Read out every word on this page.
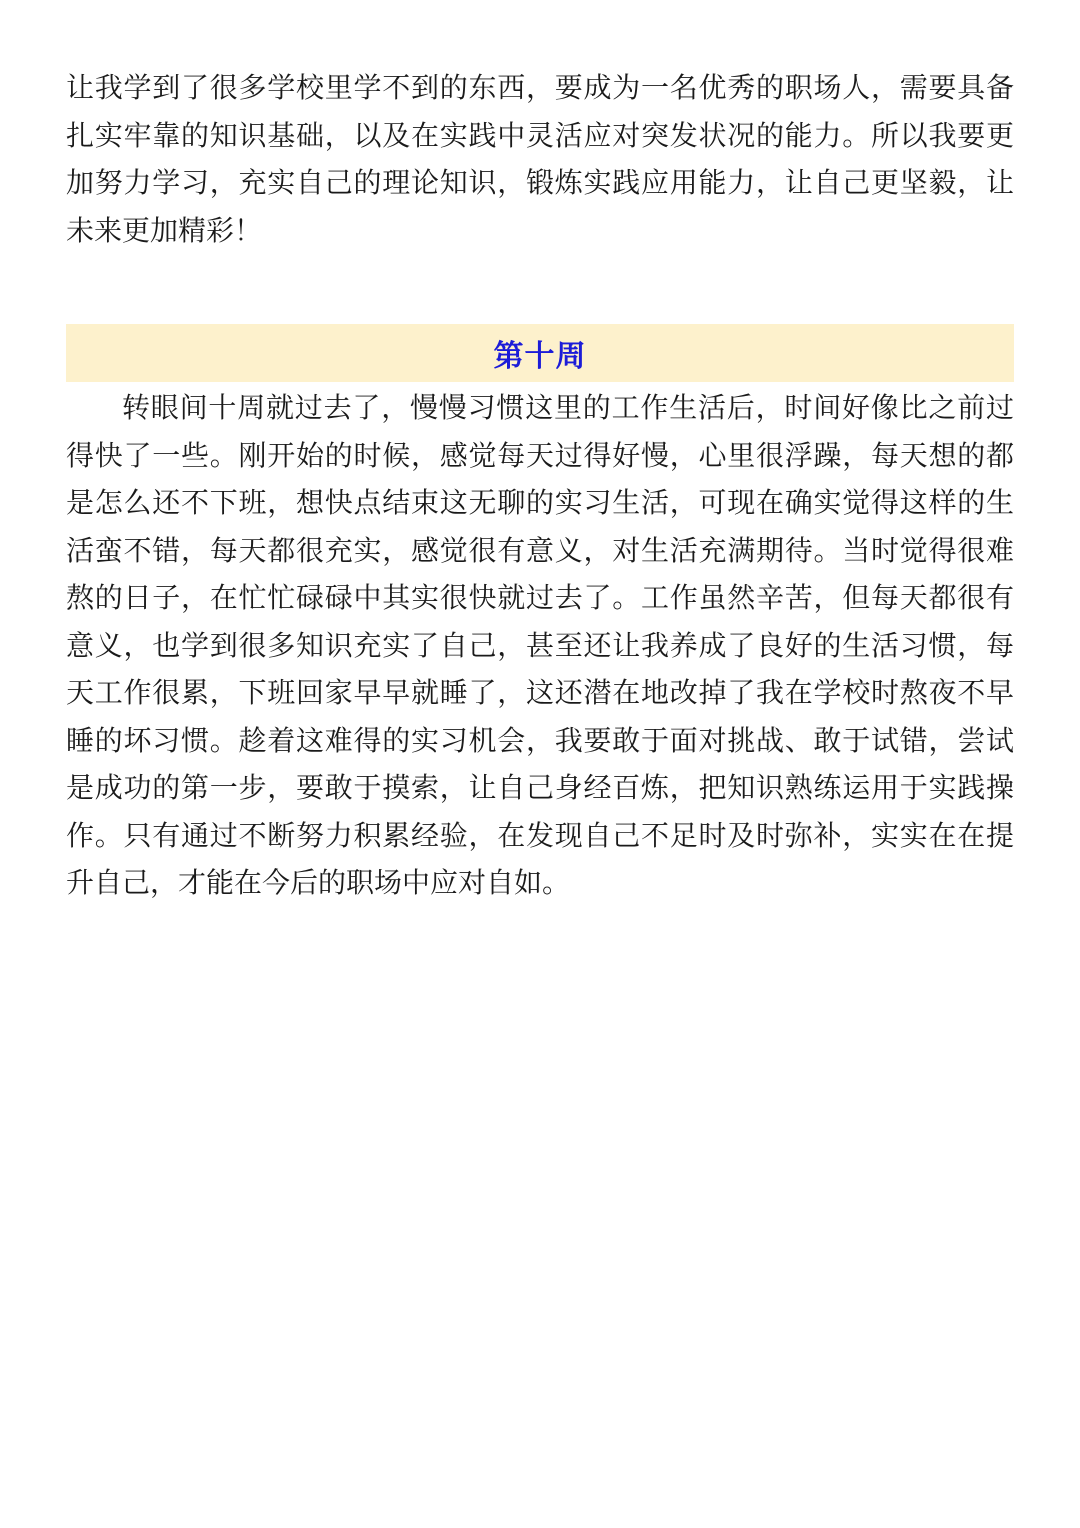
让我学到了很多学校里学不到的东西，要成为一名优秀的职场人，需要具备扎实牢靠的知识基础，以及在实践中灵活应对突发状况的能力。所以我要更加努力学习，充实自己的理论知识，锻炼实践应用能力，让自己更坚毅，让未来更加精彩！

第十周

转眼间十周就过去了，慢慢习惯这里的工作生活后，时间好像比之前过得快了一些。刚开始的时候，感觉每天过得好慢，心里很浮躁，每天想的都是怎么还不下班，想快点结束这无聊的实习生活，可现在确实觉得这样的生活蛮不错，每天都很充实，感觉很有意义，对生活充满期待。当时觉得很难熬的日子，在忙忙碌碌中其实很快就过去了。工作虽然辛苦，但每天都很有意义，也学到很多知识充实了自己，甚至还让我养成了良好的生活习惯，每天工作很累，下班回家早早就睡了，这还潜在地改掉了我在学校时熬夜不早睡的坏习惯。趁着这难得的实习机会，我要敢于面对挑战、敢于试错，尝试是成功的第一步，要敢于摸索，让自己身经百炼，把知识熟练运用于实践操作。只有通过不断努力积累经验，在发现自己不足时及时弥补，实实在在提升自己，才能在今后的职场中应对自如。
